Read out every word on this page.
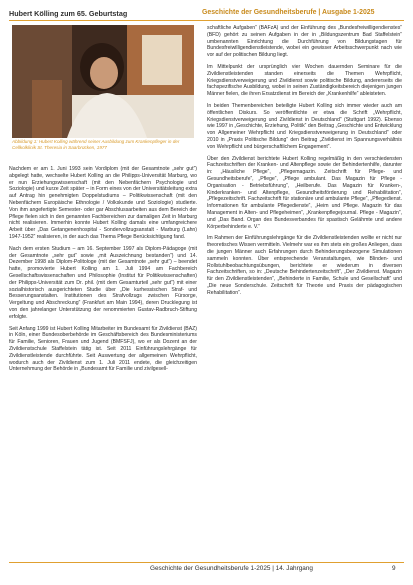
Hubert Kölling zum 65. Geburtstag	Geschichte der Gesundheitsberufe | Ausgabe 1-2025
Abbildung 1: Hubert Kolling während seiner Ausbildung zum Krankenpfleger in der Cellkolklinik St. Theresia in Saarbrücken, 1977

Nachdem er am 1. Juni 1993 sein Vordiplom (mit der Gesamtnote „sehr gut“) abgelegt hatte, wechselte Hubert Kolling an die Philipps-Universität Marburg, wo er nun Erziehungswissenschaft (mit den Nebenfächern Psychologie und Soziologie) und kurze Zeit später – in Form eines von der Universitätsleitung extra auf Antrag hin genehmigten Doppelstudiums – Politikwissenschaft (mit den Nebenfächern Europäische Ethnologie / Volkskunde und Soziologie) studierte. Von ihm angefertigte Semester- oder gar Abschlussarbeiten aus dem Bereich der Pflege fielen sich in den genannten Fachbereichen zur damaligen Zeit in Marburg nicht realisieren. Immerhin konnte Hubert Kolling damals eine umfangreichere Arbeit über „Das Getangenenhospital - Sondervollzugsanstalt - Marburg (Lahn) 1947-1952“ realisieren, in der auch das Thema Pflege Berücksichtigung fand.

Nach dem ersten Studium – am 16. September 1997 als Diplom-Pädagoge (mit der Gesamtnote „sehr gut“ sowie „mit Auszeichnung bestanden“) und 14. Dezember 1998 als Diplom-Politologe (mit der Gesamtnote „sehr gut“) – beendet hatte, promovierte Hubert Kolling am 1. Juli 1994 am Fachbereich Gesellschaftswissenschaften und Philosophie (Institut für Politikwissenschaften) der Philipps-Universität zum Dr. phil. (mit dem Gesamturteil „sehr gut“) mit einer sozialhistorisch ausgerichteten Studie über „Die kurhessischen Straf- und Besserungsanstalten. Institutionen des Strafvollzugs zwischen Fürsorge, Vergeltung und Abschreckung“ (Frankfurt am Main 1994), deren Drucklegung ist von den jahrelanger Unterstützung der renommierten Gustav-Radbruch-Stiftung erfolgte.

Seit Anfang 1999 ist Hubert Kolling Mitarbeiter im Bundesamt für Zivildienst (BAZ) in Köln, einer Bundesoberbehörde im Geschäftsbereich des Bundesministeriums für Familie, Senioren, Frauen und Jugend (BMFSFJ), wo er als Dozent an der Zivildienstschule Staffelstein tätig ist. Seit 2011 Einführungslehrgänge für Zivildienstleistende durchführte. Seit Auswertung der allgemeinen Wehrpflicht, wodurch auch der Zivildienst zum 1. Juli 2011 endete, die gleichzeitigen Unternehmung der Behörde in „Bundesamt für Familie und zivilgesell-

schaftliche Aufgaben“ (BAFzA) und der Einführung des „Bundesfreiwilligendienstes“ (BFD) gehört zu seinen Aufgaben in der in „Bildungszentrum Bad Staffelstein“ umbenannten Einrichtung die Durchführung von Bildungstagen für Bundesfreiwilligendienstleistende, wobei ein gewisser Arbeitsschwerpunkt nach wie vor auf der politischen Bildung liegt.

Im Mittelpunkt der ursprünglich vier Wochen dauernden Seminare für die Zivildienstleistenden standen einerseits die Themen Wehrpflicht, Kriegsdienstverweigerung und Zivildienst sowie politische Bildung, andererseits die fachspezifische Ausbildung, wobei in seinen Zuständigkeitsbereich diejenigen jungen Männer fielen, die ihren Ersatzdienst im Bereich der „Krankenhilfe“ ableisteten.

In beiden Themenbereichen beteiligte Hubert Kolling sich immer wieder auch am öffentlichen Diskurs. So veröffentlichte er etwa die Schrift „Wehrpflicht, Kriegsdienstverweigerung und Zivildienst in Deutschland“ (Stuttgart 1992). Ebenso wie 1997 in „Geschichte, Erziehung, Politik“ den Beitrag „Geschichte und Entwicklung von Allgemeiner Wehrpflicht und Kriegsdienstverweigerung in Deutschland“ oder 2010 in „Praxis Politische Bildung“ den Beitrag „Zivildienst im Spannungsverhältnis von Wehrpflicht und bürgerschaftlichem Engagement“.

Über den Zivildienst berichtete Hubert Kolling regelmäßig in den verschiedensten Fachzeitschriften der Kranken- und Altenpflege sowie der Behindertenhilfe, darunter in: „Häusliche Pflege“, „Pflegemagazin. Zeitschrift für Pflege- und Gesundheitsberufe“, „Pflege“, „Pflege ambulant. Das Magazin für Pflege - Organisation - Betriebsführung“, „Heilberufe. Das Magazin für Kranken-, Kinderkranken- und Altenpflege, Gesundheitsförderung und Rehabilitation“, „Pflegezeitschrift. Fachzeitschrift für stationäre und ambulante Pflege“, „Pflegedienst. Informationen für ambulante Pflegedienste“, „Heim und Pflege. Magazin für das Management in Alten- und Pflegeheimen“, „Krankenpflegejournal. Pflege - Magazin“, und „Das Band. Organ des Bundesverbandes für spastisch Gelähmte und andere Körperbehinderte e. V.“

Im Rahmen der Einführungslehrgänge für die Zivildienstleistenden wollte er nicht nur theoretisches Wissen vermitteln. Vielmehr war es ihm stets ein großes Anliegen, dass die jungen Männer auch Erfahrungen durch Behinderungsbezogene Simulationen sammeln konnten. Über entsprechende Veranstaltungen, wie Blinden- und Rollstuhlbeobachtungsübungen, berichtete er wiederum in diversen Fachzeitschriften, so in: „Deutsche Behindertenzeitschrift“, „Der Zivildienst. Magazin für den Zivildienstleistenden“, „Behinderte in Familie, Schule und Gesellschaft“ und „Die neue Sonderschule. Zeitschrift für Theorie und Praxis der pädagogischen Rehabilitation“.

Geschichte der Gesundheitsberufe 1-2025 | 14. Jahrgang	9
